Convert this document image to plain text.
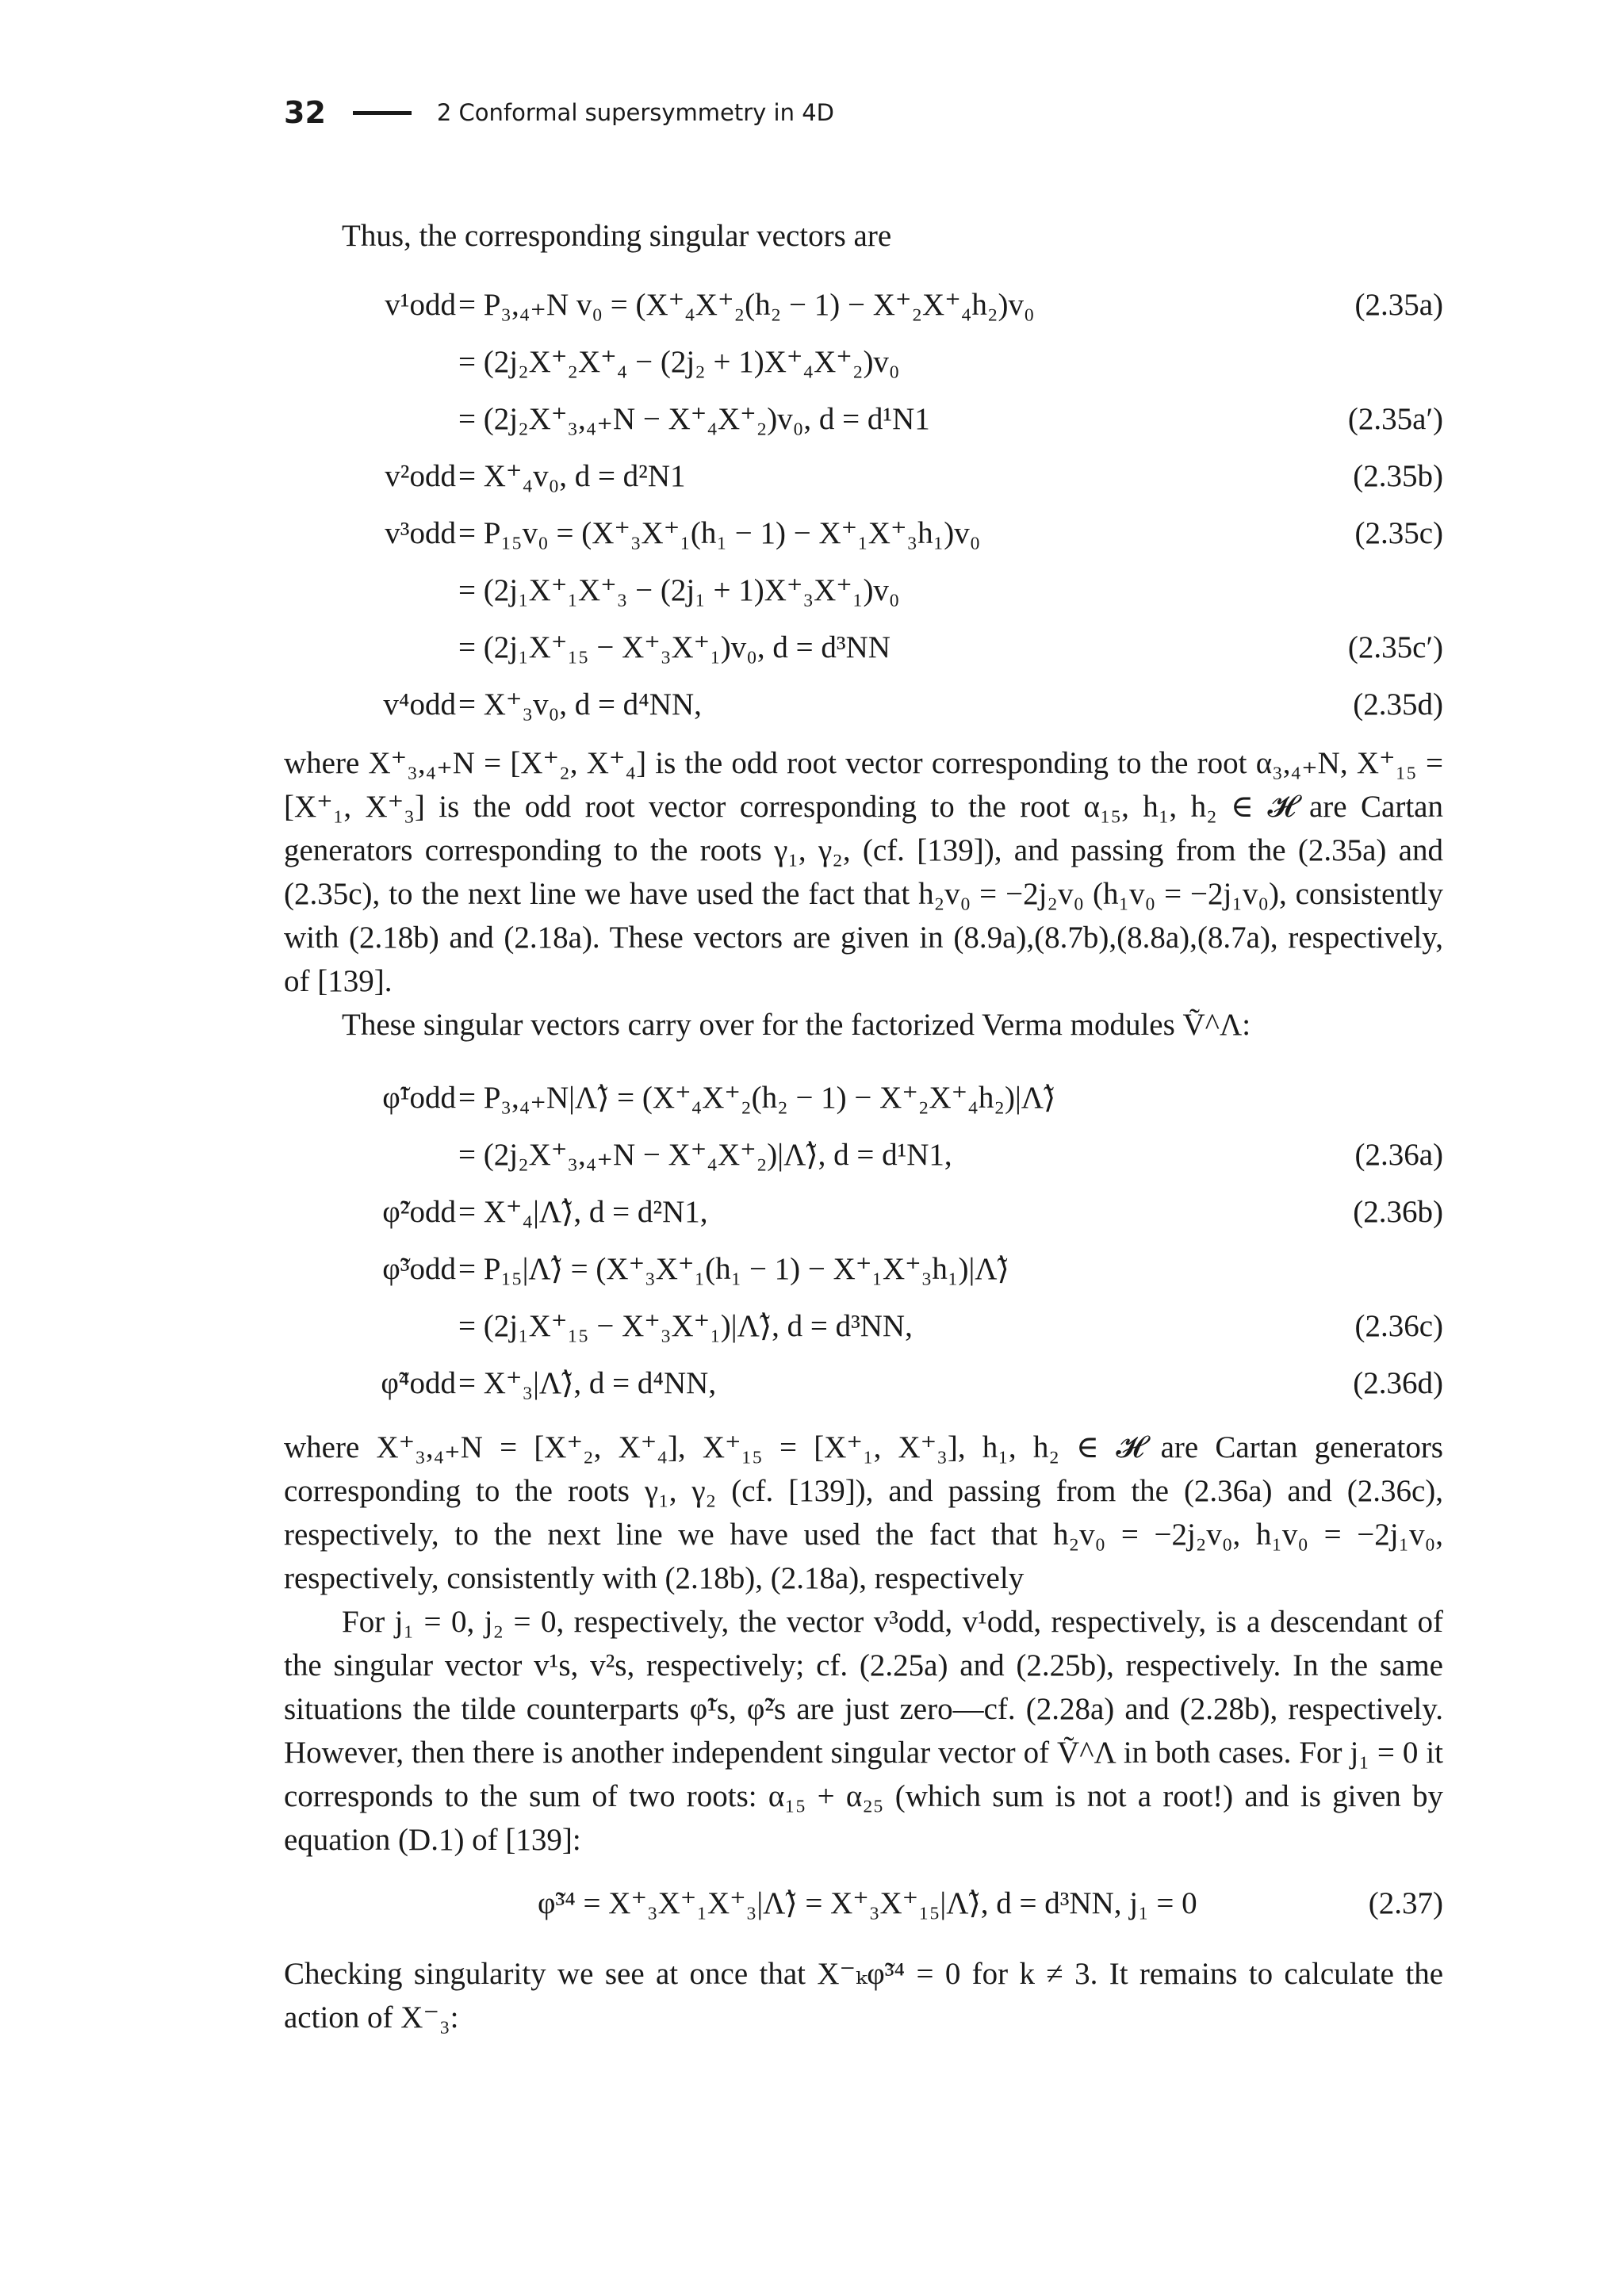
32	2 Conformal supersymmetry in 4D

Thus, the corresponding singular vectors are

v¹odd = P₃,₄₊N v₀ = (X⁺₄X⁺₂(h₂ − 1) − X⁺₂X⁺₄h₂)v₀	(2.35a)
= (2j₂X⁺₂X⁺₄ − (2j₂ + 1)X⁺₄X⁺₂)v₀
= (2j₂X⁺₃,₄₊N − X⁺₄X⁺₂)v₀, d = d¹N1	(2.35a′)
v²odd = X⁺₄v₀, d = d²N1	(2.35b)
v³odd = P₁₅v₀ = (X⁺₃X⁺₁(h₁ − 1) − X⁺₁X⁺₃h₁)v₀	(2.35c)
= (2j₁X⁺₁X⁺₃ − (2j₁ + 1)X⁺₃X⁺₁)v₀
= (2j₁X⁺₁₅ − X⁺₃X⁺₁)v₀, d = d³NN	(2.35c′)
v⁴odd = X⁺₃v₀, d = d⁴NN,	(2.35d)

where X⁺₃,₄₊N = [X⁺₂, X⁺₄] is the odd root vector corresponding to the root α₃,₄₊N, X⁺₁₅ = [X⁺₁, X⁺₃] is the odd root vector corresponding to the root α₁₅, h₁, h₂ ∈ 𝓗 are Cartan generators corresponding to the roots γ₁, γ₂, (cf. [139]), and passing from the (2.35a) and (2.35c), to the next line we have used the fact that h₂v₀ = −2j₂v₀ (h₁v₀ = −2j₁v₀), consistently with (2.18b) and (2.18a). These vectors are given in (8.9a),(8.7b),(8.8a),(8.7a), respectively, of [139].

These singular vectors carry over for the factorized Verma modules Ṽ^Λ:

φ̃¹odd = P₃,₄₊N|Λ̃⟩ = (X⁺₄X⁺₂(h₂ − 1) − X⁺₂X⁺₄h₂)|Λ̃⟩
= (2j₂X⁺₃,₄₊N − X⁺₄X⁺₂)|Λ̃⟩, d = d¹N1,	(2.36a)
φ̃²odd = X⁺₄|Λ̃⟩, d = d²N1,	(2.36b)
φ̃³odd = P₁₅|Λ̃⟩ = (X⁺₃X⁺₁(h₁ − 1) − X⁺₁X⁺₃h₁)|Λ̃⟩
= (2j₁X⁺₁₅ − X⁺₃X⁺₁)|Λ̃⟩, d = d³NN,	(2.36c)
φ̃⁴odd = X⁺₃|Λ̃⟩, d = d⁴NN,	(2.36d)

where X⁺₃,₄₊N = [X⁺₂, X⁺₄], X⁺₁₅ = [X⁺₁, X⁺₃], h₁, h₂ ∈ 𝓗 are Cartan generators corresponding to the roots γ₁, γ₂ (cf. [139]), and passing from the (2.36a) and (2.36c), respectively, to the next line we have used the fact that h₂v₀ = −2j₂v₀, h₁v₀ = −2j₁v₀, respectively, consistently with (2.18b), (2.18a), respectively

For j₁ = 0, j₂ = 0, respectively, the vector v³odd, v¹odd, respectively, is a descendant of the singular vector v¹s, v²s, respectively; cf. (2.25a) and (2.25b), respectively. In the same situations the tilde counterparts φ̃¹s, φ̃²s are just zero—cf. (2.28a) and (2.28b), respectively. However, then there is another independent singular vector of Ṽ^Λ in both cases. For j₁ = 0 it corresponds to the sum of two roots: α₁₅ + α₂₅ (which sum is not a root!) and is given by equation (D.1) of [139]:

φ̃³⁴ = X⁺₃X⁺₁X⁺₃|Λ̃⟩ = X⁺₃X⁺₁₅|Λ̃⟩, d = d³NN, j₁ = 0	(2.37)

Checking singularity we see at once that X⁻ₖφ̃³⁴ = 0 for k ≠ 3. It remains to calculate the action of X⁻₃:
